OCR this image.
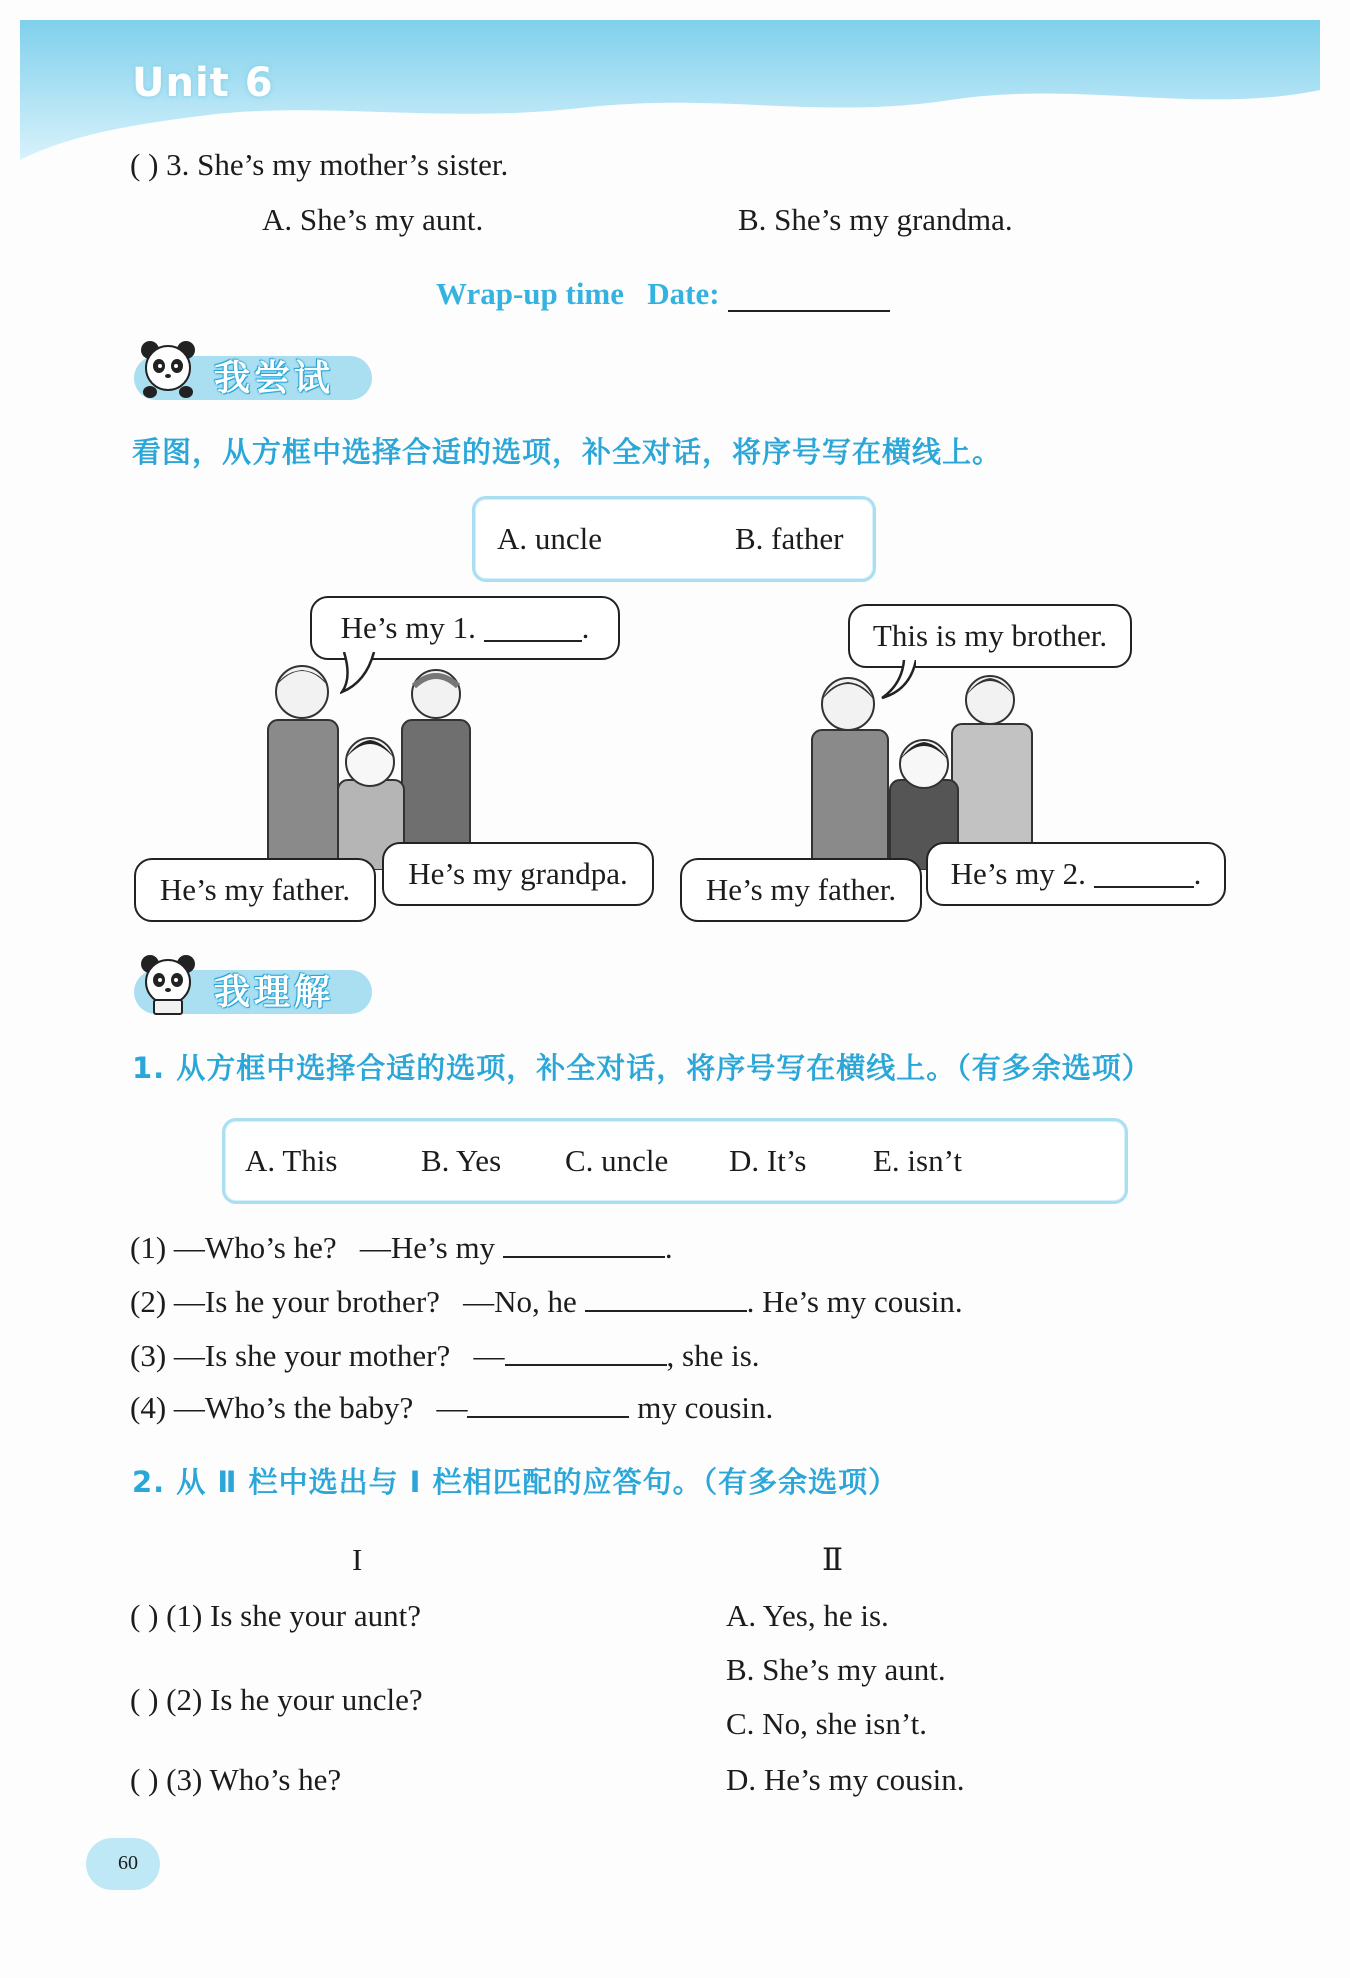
Unit 6
( ) 3. She’s my mother’s sister.
A. She’s my aunt.	B. She’s my grandma.
Wrap-up time Date:
我尝试
看图，从方框中选择合适的选项，补全对话，将序号写在横线上。
A. uncle	B. father
He’s my 1.
	.
He’s my father.	He’s my grandpa.
This is my brother.
He’s my father.	He’s my 2.
	.
我理解
1. 从方框中选择合适的选项，补全对话，将序号写在横线上。（有多余选项）
A. This	B. Yes C. uncle D. It’s E. isn’t
(1) —Who’s he? —He’s my	.
(2) —Is he your brother? —No, he	. He’s my cousin.
(3) —Is she your mother? —	, she is.
(4) —Who’s the baby? —	my cousin.
2. 从 Ⅱ 栏中选出与 Ⅰ 栏相匹配的应答句。（有多余选项）
I	Ⅱ
( ) (1) Is she your aunt?
( ) (2) Is he your uncle?
( ) (3) Who’s he?
A. Yes, he is.
B. She’s my aunt.
C. No, she isn’t.
D. He’s my cousin.
60
